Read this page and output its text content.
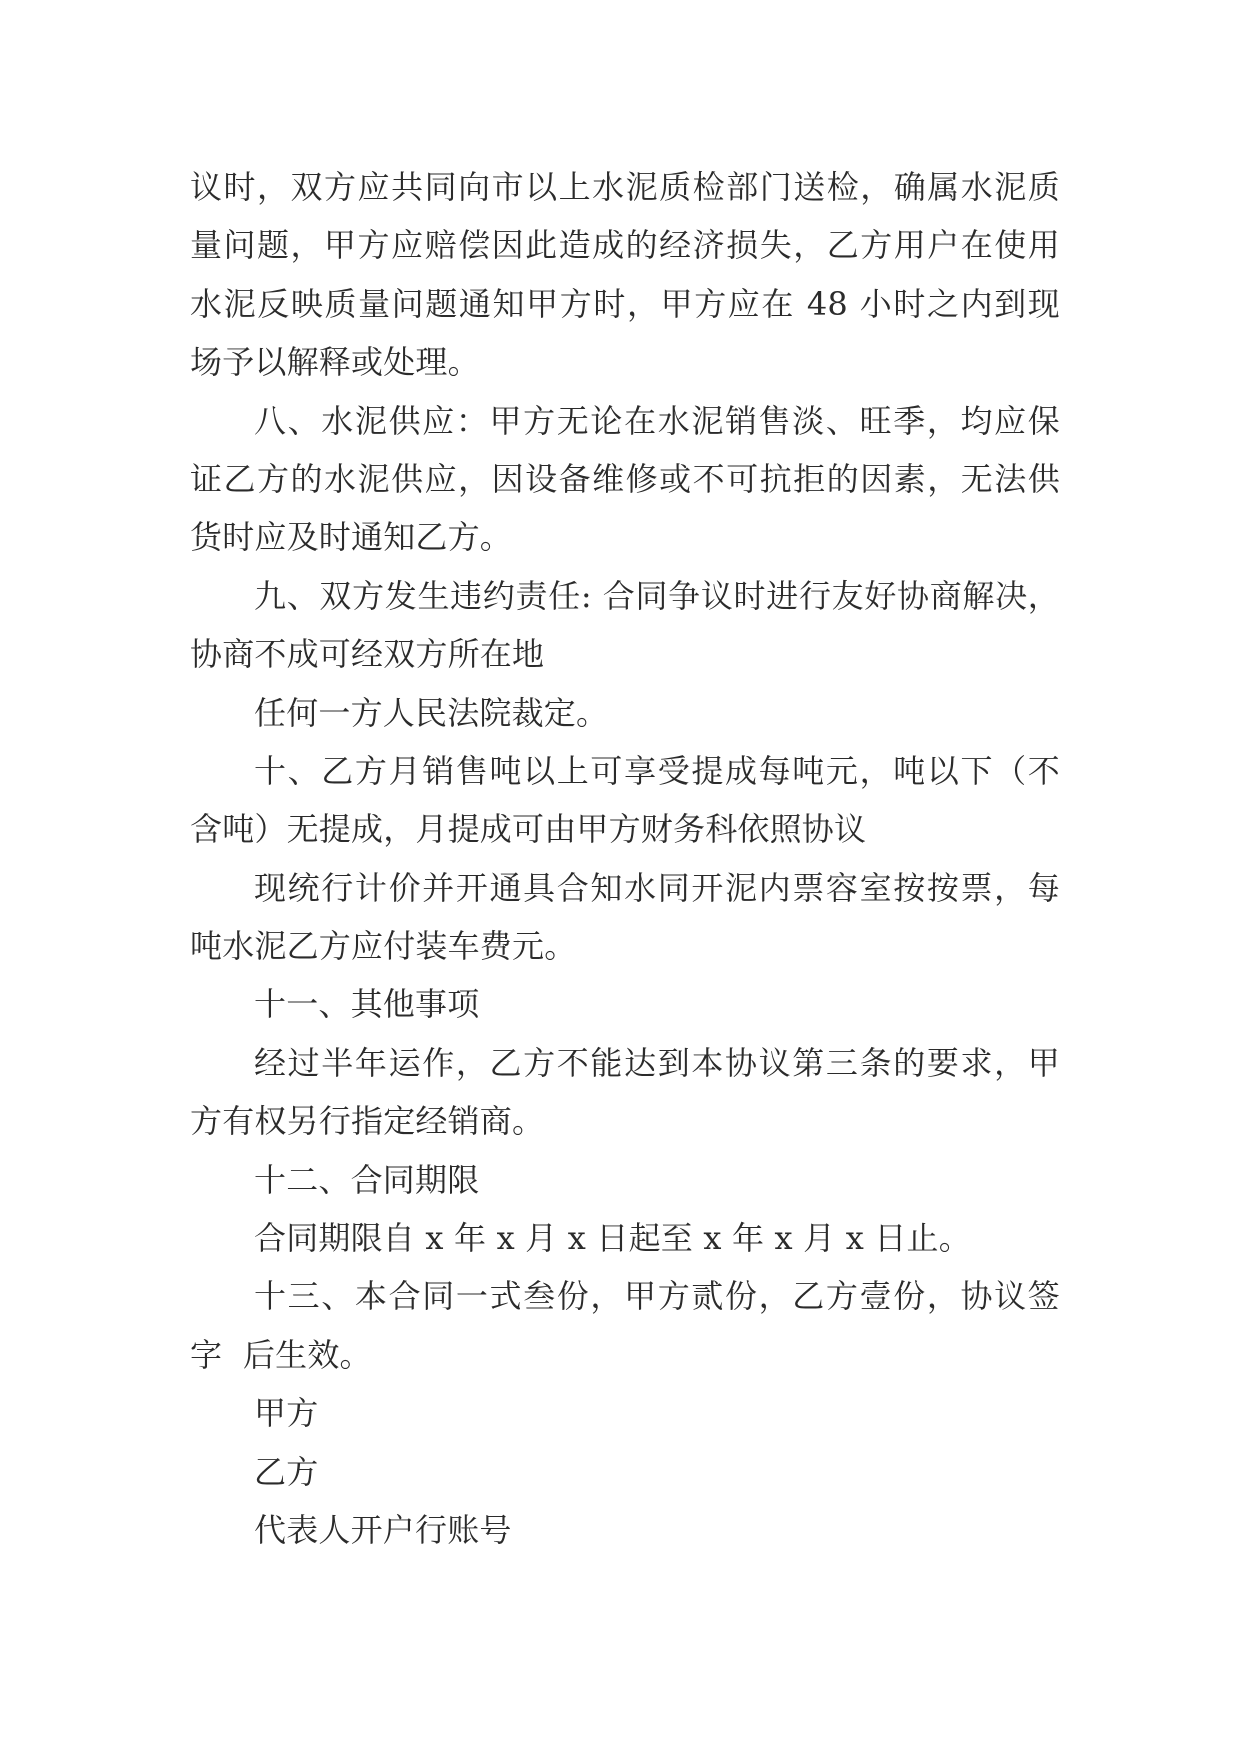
议时，双方应共同向市以上水泥质检部门送检，确属水泥质
量问题，甲方应赔偿因此造成的经济损失，乙方用户在使用
水泥反映质量问题通知甲方时，甲方应在 48 小时之内到现
场予以解释或处理。
八、水泥供应：甲方无论在水泥销售淡、旺季，均应保
证乙方的水泥供应，因设备维修或不可抗拒的因素，无法供
货时应及时通知乙方。
九、双方发生违约责任: 合同争议时进行友好协商解决，
协商不成可经双方所在地
任何一方人民法院裁定。
十、乙方月销售吨以上可享受提成每吨元，吨以下（不
含吨）无提成，月提成可由甲方财务科依照协议
现统行计价并开通具合知水同开泥内票容室按按票，每
吨水泥乙方应付装车费元。
十一、其他事项
经过半年运作，乙方不能达到本协议第三条的要求，甲
方有权另行指定经销商。
十二、合同期限
合同期限自 x 年 x 月 x 日起至 x 年 x 月 x 日止。
十三、本合同一式叁份，甲方贰份，乙方壹份，协议签
字  后生效。
甲方
乙方
代表人开户行账号
